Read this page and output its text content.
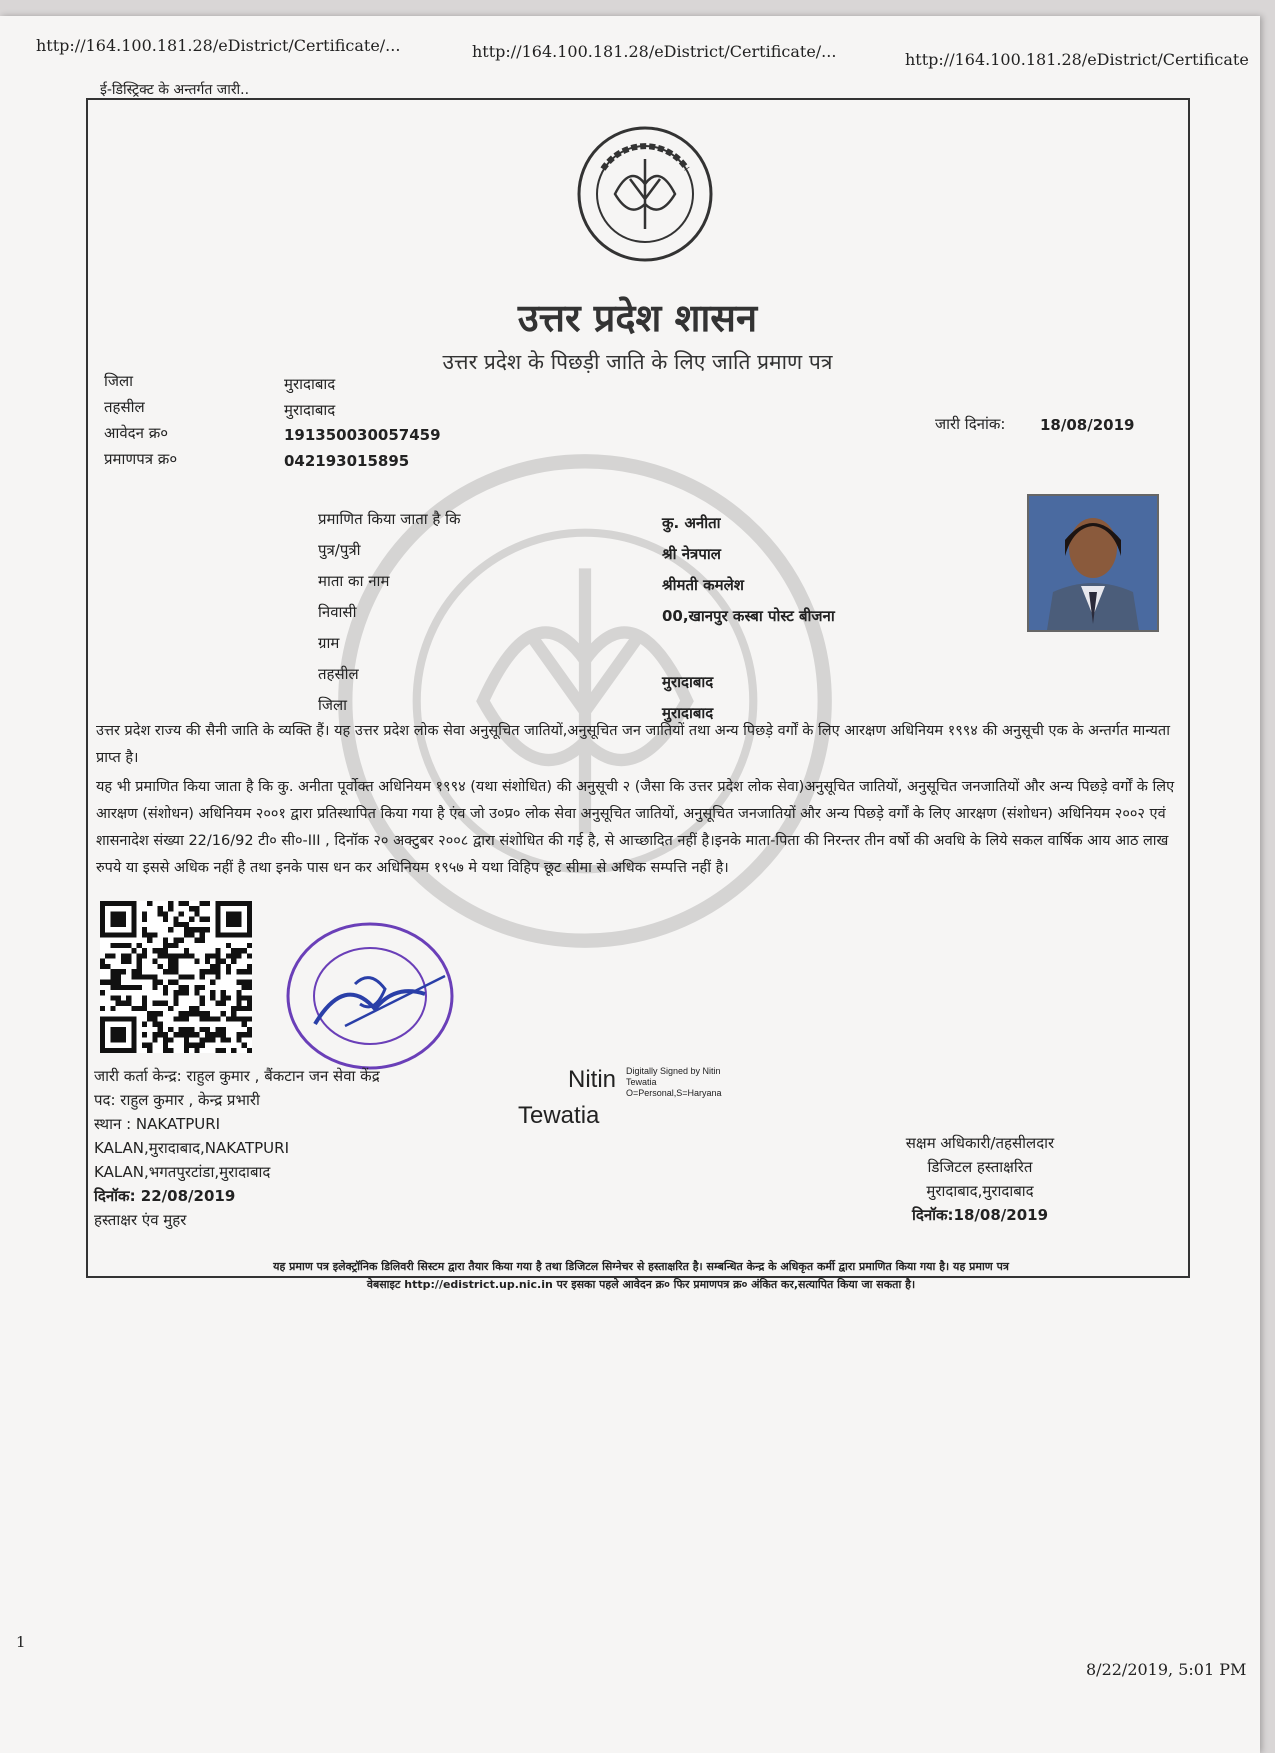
http://164.100.181.28/eDistrict/Certificate/...	http://164.100.181.28/eDistrict/Certificate/...	http://164.100.181.28/eDistrict/Certificate
ई-डिस्ट्रिक्ट के अन्तर्गत जारी..
उत्तर प्रदेश शासन
उत्तर प्रदेश के पिछड़ी जाति के लिए जाति प्रमाण पत्र
जिला	मुरादाबाद
तहसील	मुरादाबाद
आवेदन क्र०	191350030057459
प्रमाणपत्र क्र०	042193015895
जारी दिनांक: 18/08/2019
प्रमाणित किया जाता है कि	कु. अनीता
पुत्र/पुत्री	श्री नेत्रपाल
माता का नाम	श्रीमती कमलेश
निवासी	00,खानपुर कस्बा पोस्ट बीजना
ग्राम
तहसील	मुरादाबाद
जिला	मुरादाबाद
उत्तर प्रदेश राज्य की सैनी जाति के व्यक्ति हैं। यह उत्तर प्रदेश लोक सेवा अनुसूचित जातियों,अनुसूचित जन जातियों तथा अन्य पिछड़े वर्गों के लिए आरक्षण अधिनियम १९९४ की अनुसूची एक के अन्तर्गत मान्यता प्राप्त है।
यह भी प्रमाणित किया जाता है कि कु. अनीता पूर्वोक्त अधिनियम १९९४ (यथा संशोधित) की अनुसूची २ (जैसा कि उत्तर प्रदेश लोक सेवा)अनुसूचित जातियों, अनुसूचित जनजातियों और अन्य पिछड़े वर्गों के लिए आरक्षण (संशोधन) अधिनियम २००१ द्वारा प्रतिस्थापित किया गया है एंव जो उ०प्र० लोक सेवा अनुसूचित जातियों, अनुसूचित जनजातियों और अन्य पिछड़े वर्गों के लिए आरक्षण (संशोधन) अधिनियम २००२ एवं शासनादेश संख्या 22/16/92 टी० सी०-III , दिनॉक २० अक्टुबर २००८ द्वारा संशोधित की गई है, से आच्छादित नहीं है।इनके माता-पिता की निरन्तर तीन वर्षो की अवधि के लिये सकल वार्षिक आय आठ लाख रुपये या इससे अधिक नहीं है तथा इनके पास धन कर अधिनियम १९५७ मे यथा विहिप छूट सीमा से अधिक सम्पत्ति नहीं है।
जारी कर्ता केन्द्र: राहुल कुमार , बैंकटान जन सेवा केंद्र
पद: राहुल कुमार , केन्द्र प्रभारी
स्थान : NAKATPURI
KALAN,मुरादाबाद,NAKATPURI
KALAN,भगतपुरटांडा,मुरादाबाद
दिनॉक: 22/08/2019
हस्ताक्षर एंव मुहर
Nitin
Tewatia
Digitally Signed by Nitin
Tewatia
O=Personal,S=Haryana
सक्षम अधिकारी/तहसीलदार
डिजिटल हस्ताक्षरित
मुरादाबाद,मुरादाबाद
दिनॉक:18/08/2019
यह प्रमाण पत्र इलेक्ट्रॉनिक डिलिवरी सिस्टम द्वारा तैयार किया गया है तथा डिजिटल सिग्नेचर से हस्ताक्षरित है। सम्बन्धित केन्द्र के अधिकृत कर्मी द्वारा प्रमाणित किया गया है। यह प्रमाण पत्र
वेबसाइट http://edistrict.up.nic.in पर इसका पहले आवेदन क्र० फिर प्रमाणपत्र क्र० अंकित कर,सत्यापित किया जा सकता है।
1
8/22/2019, 5:01 PM
